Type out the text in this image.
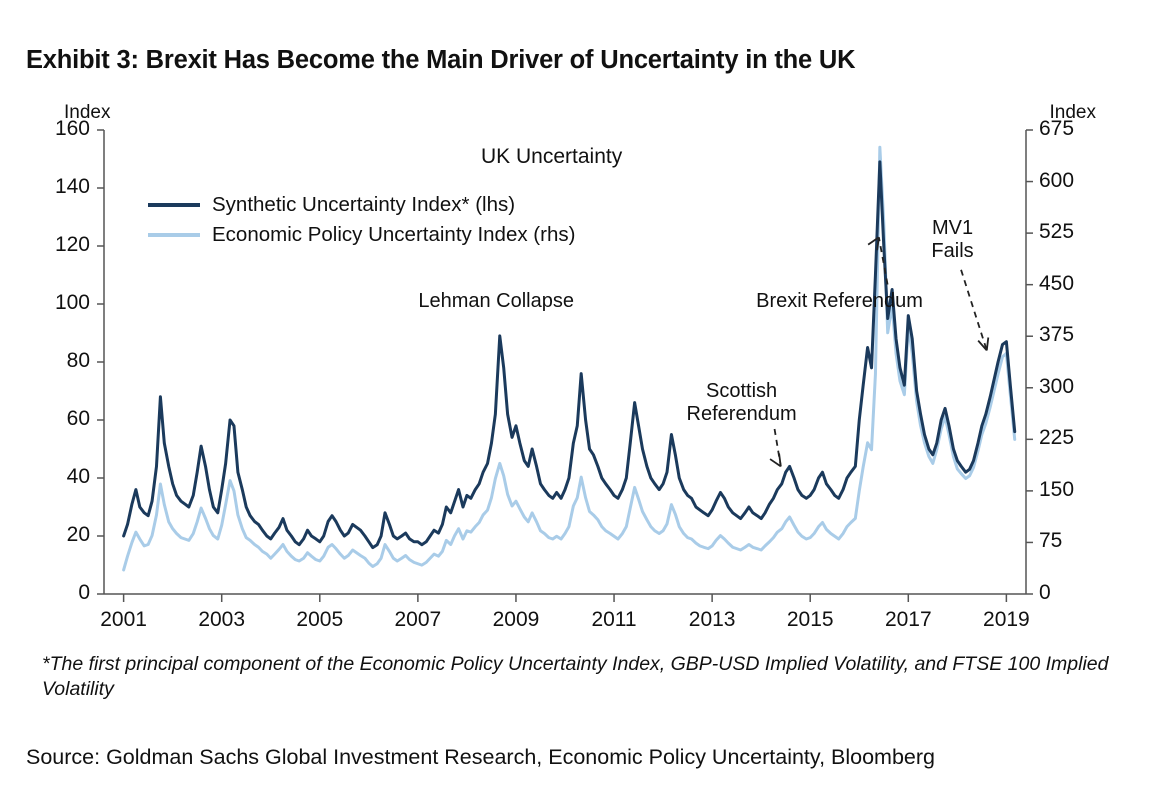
Exhibit 3: Brexit Has Become the Main Driver of Uncertainty in the UK
Index	Index
UK Uncertainty
Synthetic Uncertainty Index* (lhs)
Economic Policy Uncertainty Index (rhs)
0
20
40
60
80
100
120
140
160
0
75
150
225
300
375
450
525
600
675
2001	2003	2005	2007	2009	2011	2013	2015	2017	2019
Lehman Collapse
Scottish
Referendum
Brexit Referendum
MV1
Fails
*The first principal component of the Economic Policy Uncertainty Index, GBP-USD Implied Volatility, and FTSE 100 Implied Volatility
Source: Goldman Sachs Global Investment Research, Economic Policy Uncertainty, Bloomberg
